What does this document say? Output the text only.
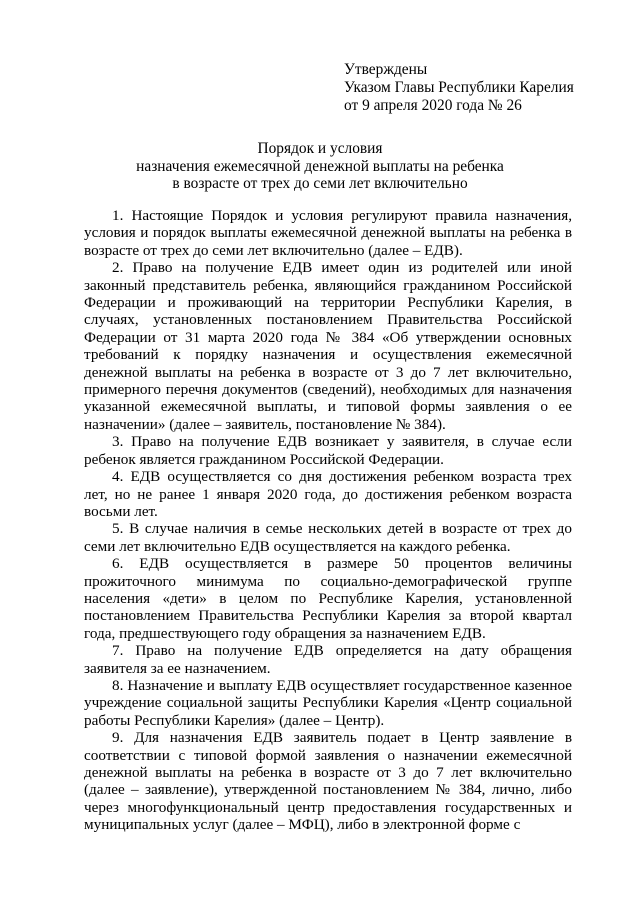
Утверждены
Указом Главы Республики Карелия
от 9 апреля 2020 года № 26
Порядок и условия
назначения ежемесячной денежной выплаты на ребенка
в возрасте от трех до семи лет включительно

1. Настоящие Порядок и условия регулируют правила назначения, условия и порядок выплаты ежемесячной денежной выплаты на ребенка в возрасте от трех до семи лет включительно (далее – ЕДВ).

2. Право на получение ЕДВ имеет один из родителей или иной законный представитель ребенка, являющийся гражданином Российской Федерации и проживающий на территории Республики Карелия, в случаях, установленных постановлением Правительства Российской Федерации от 31 марта 2020 года № 384 «Об утверждении основных требований к порядку назначения и осуществления ежемесячной денежной выплаты на ребенка в возрасте от 3 до 7 лет включительно, примерного перечня документов (сведений), необходимых для назначения указанной ежемесячной выплаты, и типовой формы заявления о ее назначении» (далее – заявитель, постановление № 384).

3. Право на получение ЕДВ возникает у заявителя, в случае если ребенок является гражданином Российской Федерации.

4. ЕДВ осуществляется со дня достижения ребенком возраста трех лет, но не ранее 1 января 2020 года, до достижения ребенком возраста восьми лет.

5. В случае наличия в семье нескольких детей в возрасте от трех до семи лет включительно ЕДВ осуществляется на каждого ребенка.

6. ЕДВ осуществляется в размере 50 процентов величины прожиточного минимума по социально-демографической группе населения «дети» в целом по Республике Карелия, установленной постановлением Правительства Республики Карелия за второй квартал года, предшествующего году обращения за назначением ЕДВ.

7. Право на получение ЕДВ определяется на дату обращения заявителя за ее назначением.

8. Назначение и выплату ЕДВ осуществляет государственное казенное учреждение социальной защиты Республики Карелия «Центр социальной работы Республики Карелия» (далее – Центр).

9. Для назначения ЕДВ заявитель подает в Центр заявление в соответствии с типовой формой заявления о назначении ежемесячной денежной выплаты на ребенка в возрасте от 3 до 7 лет включительно (далее – заявление), утвержденной постановлением № 384, лично, либо через многофункциональный центр предоставления государственных и муниципальных услуг (далее – МФЦ), либо в электронной форме с
